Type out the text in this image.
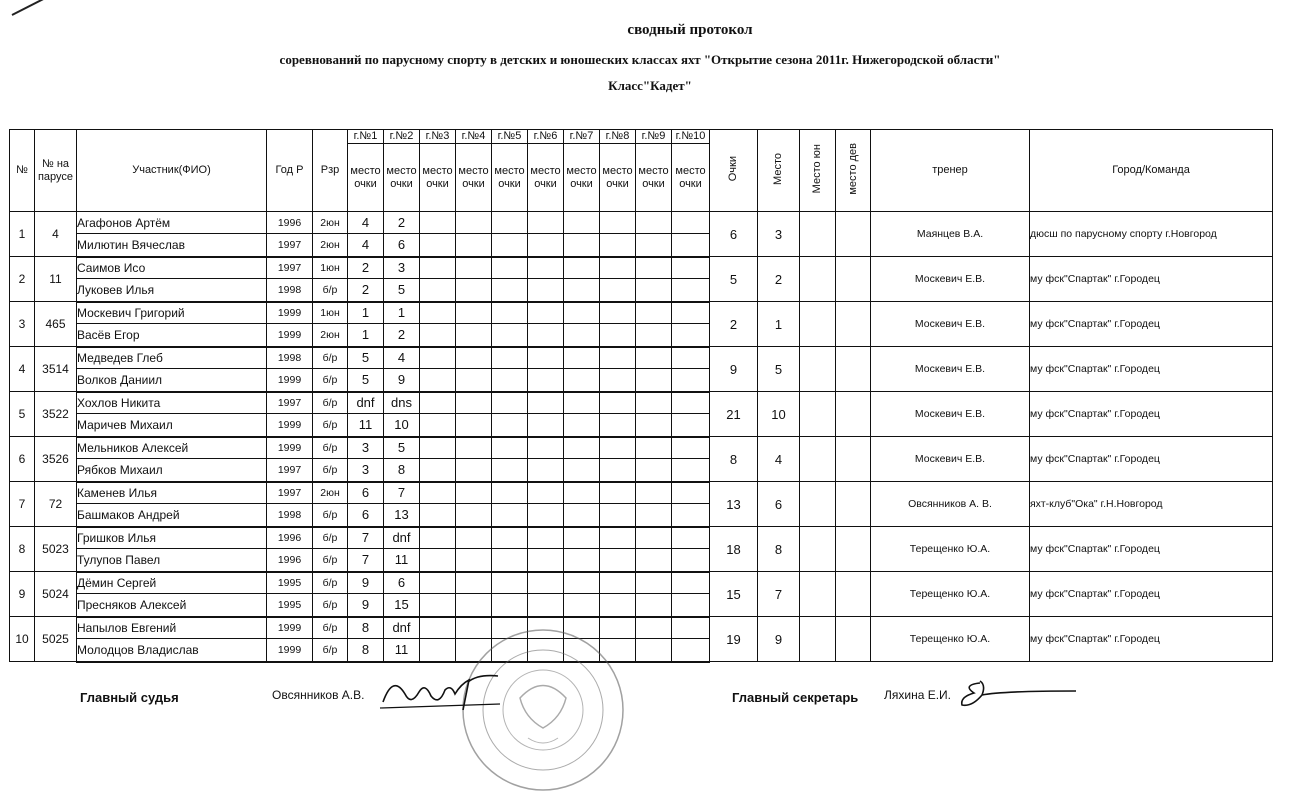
сводный протокол
соревнований по парусному спорту в детских и юношеских классах яхт "Открытие сезона 2011г. Нижегородской области"
Класс"Кадет"
№	№ на парусе	Участник(ФИО)	Год Р	Рзр	г.№1	г.№2	г.№3	г.№4	г.№5	г.№6	г.№7	г.№8	г.№9	г.№10	Очки	Место	Место юн	место дев	тренер	Город/Команда
					место очки	место очки	место очки	место очки	место очки	место очки	место очки	место очки	место очки	место очки						
1	4	Агафонов Артём	1996	2юн	4	2									6	3			Маянцев В.А.	дюсш по парусному спорту г.Новгород
		Милютин Вячеслав	1997	2юн	4	6														
2	11	Саимов Исо	1997	1юн	2	3									5	2			Москевич Е.В.	му фск"Спартак" г.Городец
		Луковев Илья	1998	б/р	2	5														
3	465	Москевич Григорий	1999	1юн	1	1									2	1			Москевич Е.В.	му фск"Спартак" г.Городец
		Васёв Егор	1999	2юн	1	2														
4	3514	Медведев Глеб	1998	б/р	5	4									9	5			Москевич Е.В.	му фск"Спартак" г.Городец
		Волков Даниил	1999	б/р	5	9														
5	3522	Хохлов Никита	1997	б/р	dnf	dns									21	10			Москевич Е.В.	му фск"Спартак" г.Городец
		Маричев Михаил	1999	б/р	11	10														
6	3526	Мельников Алексей	1999	б/р	3	5									8	4			Москевич Е.В.	му фск"Спартак" г.Городец
		Рябков Михаил	1997	б/р	3	8														
7	72	Каменев Илья	1997	2юн	6	7									13	6			Овсянников А. В.	яхт-клуб"Ока" г.Н.Новгород
		Башмаков Андрей	1998	б/р	6	13														
8	5023	Гришков Илья	1996	б/р	7	dnf									18	8			Терещенко Ю.А.	му фск"Спартак" г.Городец
		Тулупов Павел	1996	б/р	7	11														
9	5024	Дёмин Сергей	1995	б/р	9	6									15	7			Терещенко Ю.А.	му фск"Спартак" г.Городец
		Пресняков Алексей	1995	б/р	9	15														
10	5025	Напылов Евгений	1999	б/р	8	dnf									19	9			Терещенко Ю.А.	му фск"Спартак" г.Городец
		Молодцов Владислав	1999	б/р	8	11														
Главный судья	Овсянников А.В.	Главный секретарь Ляхина Е.И.
